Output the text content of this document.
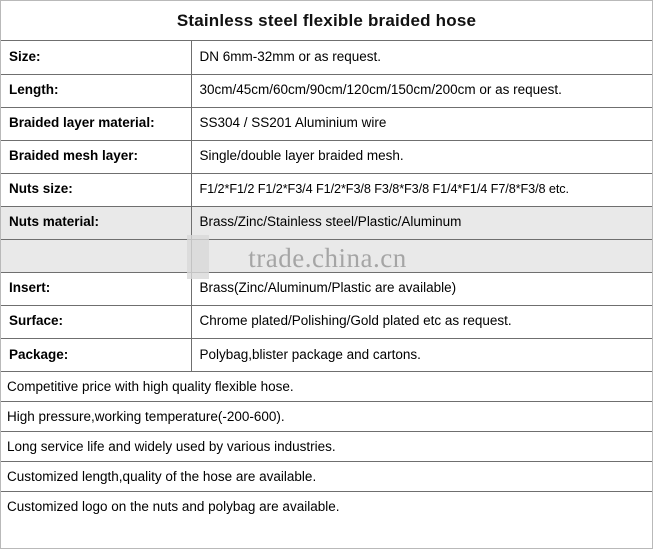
Stainless steel flexible braided hose
Size:	DN 6mm-32mm or as request.
Length:	30cm/45cm/60cm/90cm/120cm/150cm/200cm or as request.
Braided layer material:	SS304 / SS201 Aluminium wire
Braided mesh layer:	Single/double layer braided mesh.
Nuts size:	F1/2*F1/2 F1/2*F3/4 F1/2*F3/8 F3/8*F3/8 F1/4*F1/4 F7/8*F3/8 etc.
Nuts material:	Brass/Zinc/Stainless steel/Plastic/Aluminum

Insert:	Brass(Zinc/Aluminum/Plastic are available)
Surface:	Chrome plated/Polishing/Gold plated etc as request.
Package:	Polybag,blister package and cartons.
Competitive price with high quality flexible hose.
High pressure,working temperature(-200-600).
Long service life and widely used by various industries.
Customized length,quality of the hose are available.
Customized logo on the nuts and polybag are available.
trade.china.cn
